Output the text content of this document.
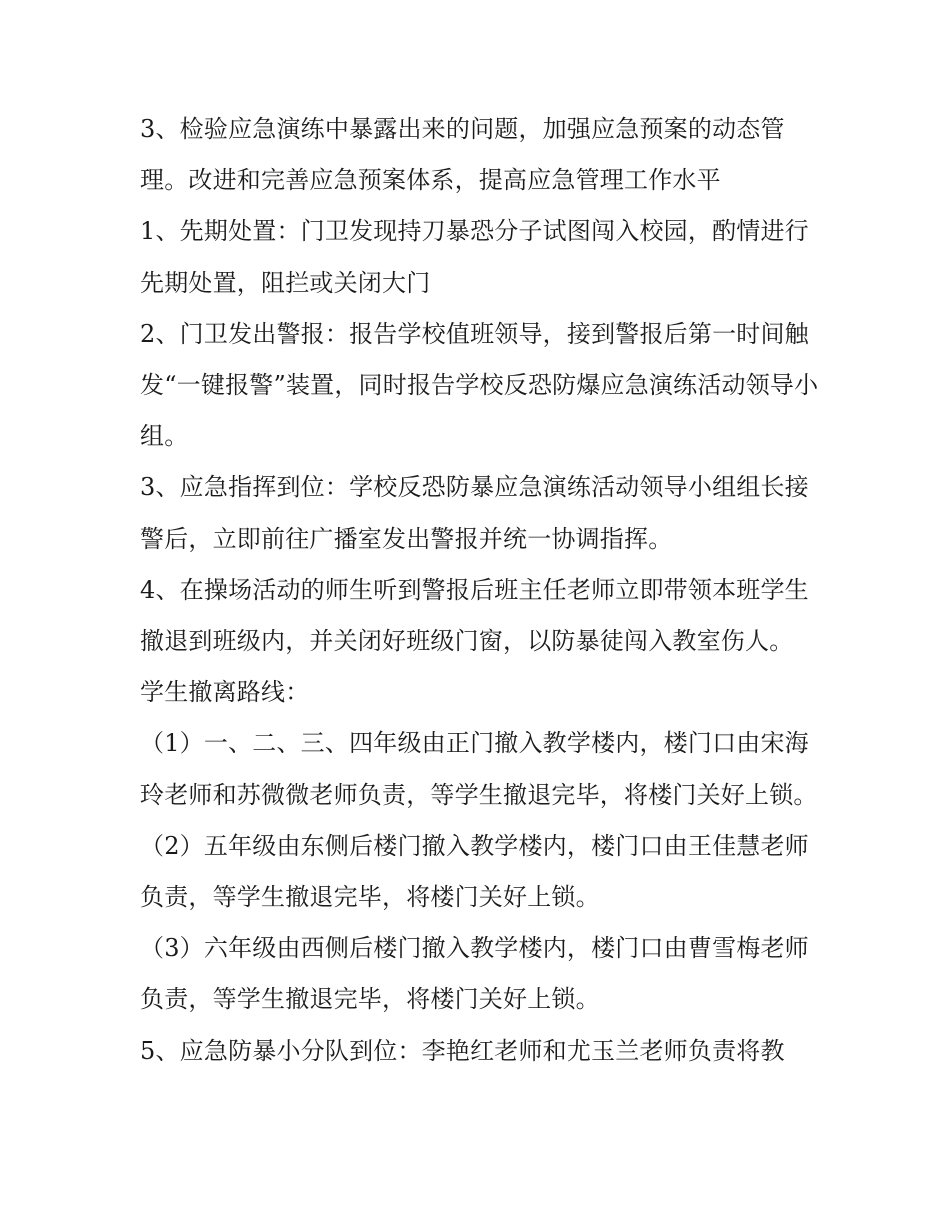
3、检验应急演练中暴露出来的问题，加强应急预案的动态管理。改进和完善应急预案体系，提高应急管理工作水平

1、先期处置：门卫发现持刀暴恐分子试图闯入校园，酌情进行先期处置，阻拦或关闭大门

2、门卫发出警报：报告学校值班领导，接到警报后第一时间触发“一键报警”装置，同时报告学校反恐防爆应急演练活动领导小组。

3、应急指挥到位：学校反恐防暴应急演练活动领导小组组长接警后，立即前往广播室发出警报并统一协调指挥。

4、在操场活动的师生听到警报后班主任老师立即带领本班学生撤退到班级内，并关闭好班级门窗，以防暴徒闯入教室伤人。 学生撤离路线：

（1）一、二、三、四年级由正门撤入教学楼内，楼门口由宋海玲老师和苏微微老师负责，等学生撤退完毕，将楼门关好上锁。

（2）五年级由东侧后楼门撤入教学楼内，楼门口由王佳慧老师负责，等学生撤退完毕，将楼门关好上锁。

（3）六年级由西侧后楼门撤入教学楼内，楼门口由曹雪梅老师负责，等学生撤退完毕，将楼门关好上锁。

5、应急防暴小分队到位：李艳红老师和尤玉兰老师负责将教
